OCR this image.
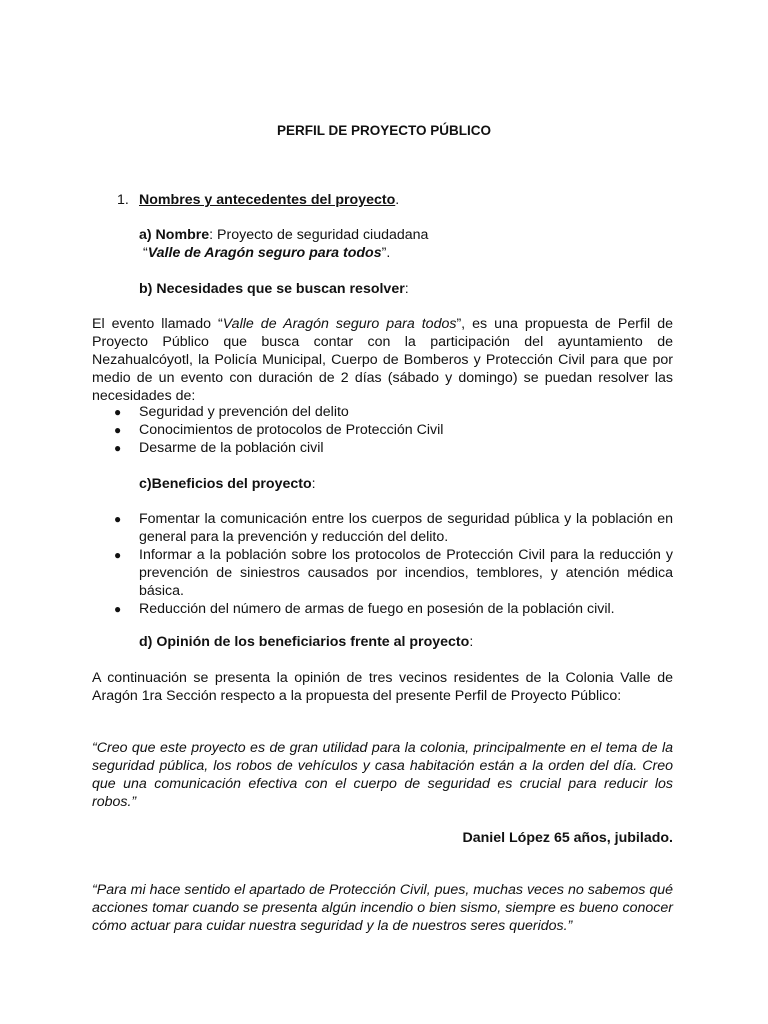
PERFIL DE PROYECTO PÚBLICO
1. Nombres y antecedentes del proyecto.
a) Nombre: Proyecto de seguridad ciudadana
“Valle de Aragón seguro para todos”.
b) Necesidades que se buscan resolver:
El evento llamado “Valle de Aragón seguro para todos”, es una propuesta de Perfil de Proyecto Público que busca contar con la participación del ayuntamiento de Nezahualcóyotl, la Policía Municipal, Cuerpo de Bomberos y Protección Civil para que por medio de un evento con duración de 2 días (sábado y domingo) se puedan resolver las necesidades de:
● Seguridad y prevención del delito
● Conocimientos de protocolos de Protección Civil
● Desarme de la población civil
c)Beneficios del proyecto:
● Fomentar la comunicación entre los cuerpos de seguridad pública y la población en general para la prevención y reducción del delito.
● Informar a la población sobre los protocolos de Protección Civil para la reducción y prevención de siniestros causados por incendios, temblores, y atención médica básica.
● Reducción del número de armas de fuego en posesión de la población civil.
d) Opinión de los beneficiarios frente al proyecto:
A continuación se presenta la opinión de tres vecinos residentes de la Colonia Valle de Aragón 1ra Sección respecto a la propuesta del presente Perfil de Proyecto Público:
“Creo que este proyecto es de gran utilidad para la colonia, principalmente en el tema de la seguridad pública, los robos de vehículos y casa habitación están a la orden del día. Creo que una comunicación efectiva con el cuerpo de seguridad es crucial para reducir los robos.”
Daniel López 65 años, jubilado.
“Para mi hace sentido el apartado de Protección Civil, pues, muchas veces no sabemos qué acciones tomar cuando se presenta algún incendio o bien sismo, siempre es bueno conocer cómo actuar para cuidar nuestra seguridad y la de nuestros seres queridos.”
